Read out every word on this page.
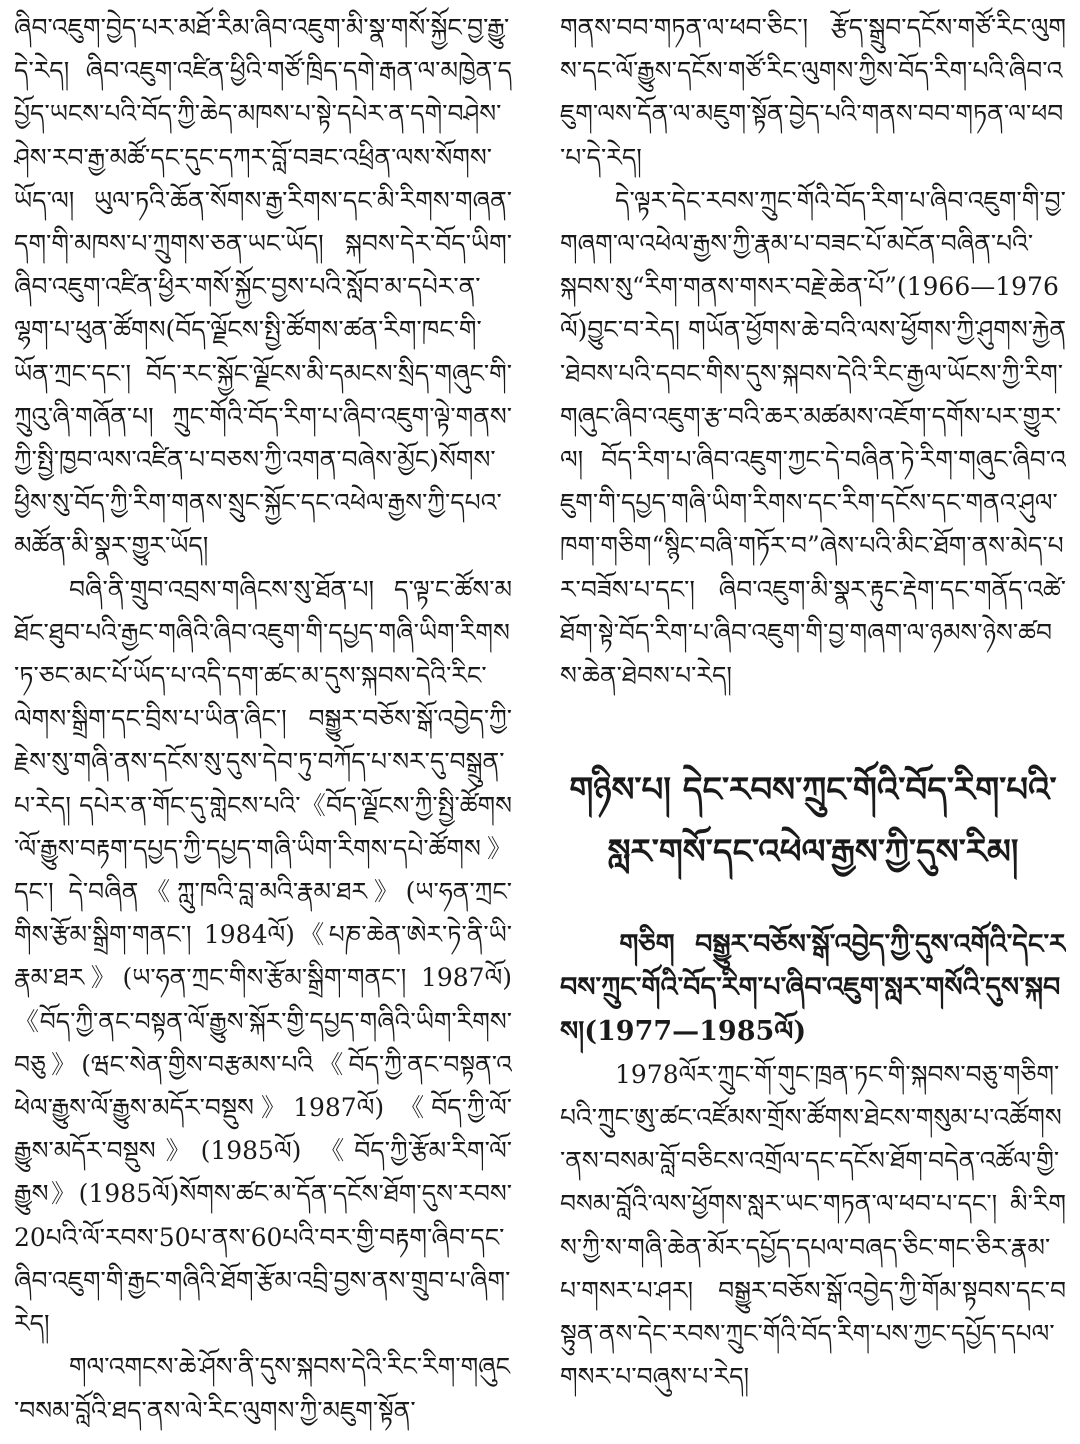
ཞིབ་འཇུག་བྱེད་པར་མཐོ་རིམ་ཞིབ་འཇུག་མི་སྣ་གསོ་སྐྱོང་བྱ་རྒྱུ་དེ་རེད། ཞིབ་འཇུག་འཛིན་ཕྱིའི་གཙོ་ཁྲིད་དགེ་རྒན་ལ་མཁྱེན་དཔྱོད་ཡངས་པའི་བོད་ཀྱི་ཆེད་མཁས་པ་སྟེ་དཔེར་ན་དགེ་བཤེས་ཤེས་རབ་རྒྱ་མཚོ་དང་དུང་དཀར་བློ་བཟང་འཕྲིན་ལས་སོགས་ཡོད་ལ། ཡུལ་ཏའི་ཆོན་སོགས་རྒྱ་རིགས་དང་མི་རིགས་གཞན་དག་གི་མཁས་པ་ཀྲུགས་ཅན་ཡང་ཡོད། སྐབས་དེར་བོད་ཡིག་ཞིབ་འཇུག་འཛིན་ཕྱིར་གསོ་སྐྱོང་བྱས་པའི་སློབ་མ་དཔེར་ན་ལྷག་པ་ཕུན་ཚོགས(བོད་ལྗོངས་སྤྱི་ཚོགས་ཚན་རིག་ཁང་གི་ཡོན་ཀྲང་དང་། བོད་རང་སྐྱོང་ལྗོངས་མི་དམངས་སྲིད་གཞུང་གི་ཀྲུའུ་ཞི་གཞོན་པ། ཀྲུང་གོའི་བོད་རིག་པ་ཞིབ་འཇུག་ལྟེ་གནས་ཀྱི་སྤྱི་ཁྱབ་ལས་འཛིན་པ་བཅས་ཀྱི་འགན་བཞེས་མྱོང)སོགས་ཕྱིས་སུ་བོད་ཀྱི་རིག་གནས་སྲུང་སྐྱོང་དང་འཕེལ་རྒྱས་ཀྱི་དཔའ་མཚོན་མི་སྣར་གྱུར་ཡོད།

བཞི་ནི་གྲུབ་འབྲས་གཞིངས་སུ་ཐོན་པ། ད་ལྟ་ང་ཚོས་མཐོང་ཐུབ་པའི་རྒྱང་གཞིའི་ཞིབ་འཇུག་གི་དཔྱད་གཞི་ཡིག་རིགས་ཏ་ཅང་མང་པོ་ཡོད་པ་འདི་དག་ཚང་མ་དུས་སྐབས་དེའི་རིང་ལེགས་སྒྲིག་དང་བྲིས་པ་ཡིན་ཞིང་། བསྒྱུར་བཅོས་སྒོ་འབྱེད་ཀྱི་རྗེས་སུ་གཞི་ནས་དངོས་སུ་དུས་དེབ་ཏུ་བཀོད་པ་སར་དུ་བསྒྲུན་པ་རེད། དཔེར་ན་གོང་དུ་གླེངས་པའི་《བོད་ལྗོངས་ཀྱི་སྤྱི་ཚོགས་ལོ་རྒྱུས་བརྟག་དཔྱད་ཀྱི་དཔྱད་གཞི་ཡིག་རིགས་དཔེ་ཚོགས》དང་། དེ་བཞིན《ཀླུ་ཁའི་བླ་མའི་རྣམ་ཐར》(ཡ་ཧན་ཀྲང་གིས་རྩོམ་སྒྲིག་གནང་། 1984ལོ)《པཎ་ཆེན་ཨེར་ཏེ་ནི་ཡི་རྣམ་ཐར》(ཡ་ཧན་ཀྲང་གིས་རྩོམ་སྒྲིག་གནང་། 1987ལོ) 《བོད་ཀྱི་ནང་བསྟན་ལོ་རྒྱུས་སྐོར་གྱི་དཔྱད་གཞིའི་ཡིག་རིགས་བཅུ》(ཝང་སེན་གྱིས་བརྩམས་པའི《བོད་ཀྱི་ནང་བསྟན་འཕེལ་རྒྱུས་ལོ་རྒྱུས་མདོར་བསྡུས》1987ལོ) 《བོད་ཀྱི་ལོ་རྒྱུས་མདོར་བསྡུས》(1985ལོ) 《བོད་ཀྱི་རྩོམ་རིག་ལོ་རྒྱུས》(1985ལོ)སོགས་ཚང་མ་དོན་དངོས་ཐོག་དུས་རབས་20པའི་ལོ་རབས་50པ་ནས་60པའི་བར་གྱི་བརྟག་ཞིབ་དང་ཞིབ་འཇུག་གི་རྒྱང་གཞིའི་ཐོག་རྩོམ་འབྲི་བྱས་ནས་གྲུབ་པ་ཞིག་རེད།

གལ་འགངས་ཆེ་ཤོས་ནི་དུས་སྐབས་དེའི་རིང་རིག་གཞུང་བསམ་བློའི་ཐད་ནས་ལེ་རིང་ལུགས་ཀྱི་མཇུག་སྟོན་

གནས་བབ་གཏན་ལ་ཕབ་ཅིང་། རྩོད་སྒྲུབ་དངོས་གཙོ་རིང་ལུགས་དང་ལོ་རྒྱུས་དངོས་གཙོ་རིང་ལུགས་ཀྱིས་བོད་རིག་པའི་ཞིབ་འཇུག་ལས་དོན་ལ་མཇུག་སྟོན་བྱེད་པའི་གནས་བབ་གཏན་ལ་ཕབ་པ་དེ་རེད།

དེ་ལྟར་དེང་རབས་ཀྲུང་གོའི་བོད་རིག་པ་ཞིབ་འཇུག་གི་བྱ་གཞག་ལ་འཕེལ་རྒྱས་ཀྱི་རྣམ་པ་བཟང་པོ་མངོན་བཞིན་པའི་སྐབས་སུ“རིག་གནས་གསར་བརྗེ་ཆེན་པོ”(1966—1976ལོ)བྱུང་བ་རེད། གཡོན་ཕྱོགས་ཆེ་བའི་ལས་ཕྱོགས་ཀྱི་ཤུགས་རྐྱེན་ཐེབས་པའི་དབང་གིས་དུས་སྐབས་དེའི་རིང་རྒྱལ་ཡོངས་ཀྱི་རིག་གཞུང་ཞིབ་འཇུག་རྩ་བའི་ཆར་མཚམས་འཇོག་དགོས་པར་གྱུར་ལ། བོད་རིག་པ་ཞིབ་འཇུག་ཀྱང་དེ་བཞིན་ཏེ་རིག་གཞུང་ཞིབ་འཇུག་གི་དཔྱད་གཞི་ཡིག་རིགས་དང་རིག་དངོས་དང་གནའ་ཤུལ་ཁག་གཅིག“སྙིང་བཞི་གཏོར་བ”ཞེས་པའི་མིང་ཐོག་ནས་མེད་པར་བཟོས་པ་དང་། ཞིབ་འཇུག་མི་སྣར་རྟུང་རྡེག་དང་གནོད་འཚེ་ཐོག་སྟེ་བོད་རིག་པ་ཞིབ་འཇུག་གི་བྱ་གཞག་ལ་ཉམས་ཉེས་ཚབས་ཆེན་ཐེབས་པ་རེད།

གཉིས་པ། དེང་རབས་ཀྲུང་གོའི་བོད་རིག་པའི་སླར་གསོ་དང་འཕེལ་རྒྱས་ཀྱི་དུས་རིམ།
གཅིག བསྒྱུར་བཅོས་སྒོ་འབྱེད་ཀྱི་དུས་འགོའི་དེང་རབས་ཀྲུང་གོའི་བོད་རིག་པ་ཞིབ་འཇུག་སླར་གསོའི་དུས་སྐབས།(1977—1985ལོ)

1978ལོར་ཀྲུང་གོ་གུང་ཁྲན་ཏང་གི་སྐབས་བཅུ་གཅིག་པའི་ཀྲུང་ཨུ་ཚང་འཛོམས་གྲོས་ཚོགས་ཐེངས་གསུམ་པ་འཚོགས་ནས་བསམ་བློ་བཅིངས་འགྲོལ་དང་དངོས་ཐོག་བདེན་འཚོལ་གྱི་བསམ་བློའི་ལས་ཕྱོགས་སླར་ཡང་གཏན་ལ་ཕབ་པ་དང་། མི་རིགས་ཀྱི་ས་གཞི་ཆེན་མོར་དཔྱོད་དཔལ་བཞད་ཅིང་གང་ཅིར་རྣམ་པ་གསར་པ་ཤར། བསྒྱུར་བཅོས་སྒོ་འབྱེད་ཀྱི་གོམ་སྟབས་དང་བསྟུན་ནས་དེང་རབས་ཀྲུང་གོའི་བོད་རིག་པས་ཀྱང་དཔྱོད་དཔལ་གསར་པ་བཞུས་པ་རེད།
